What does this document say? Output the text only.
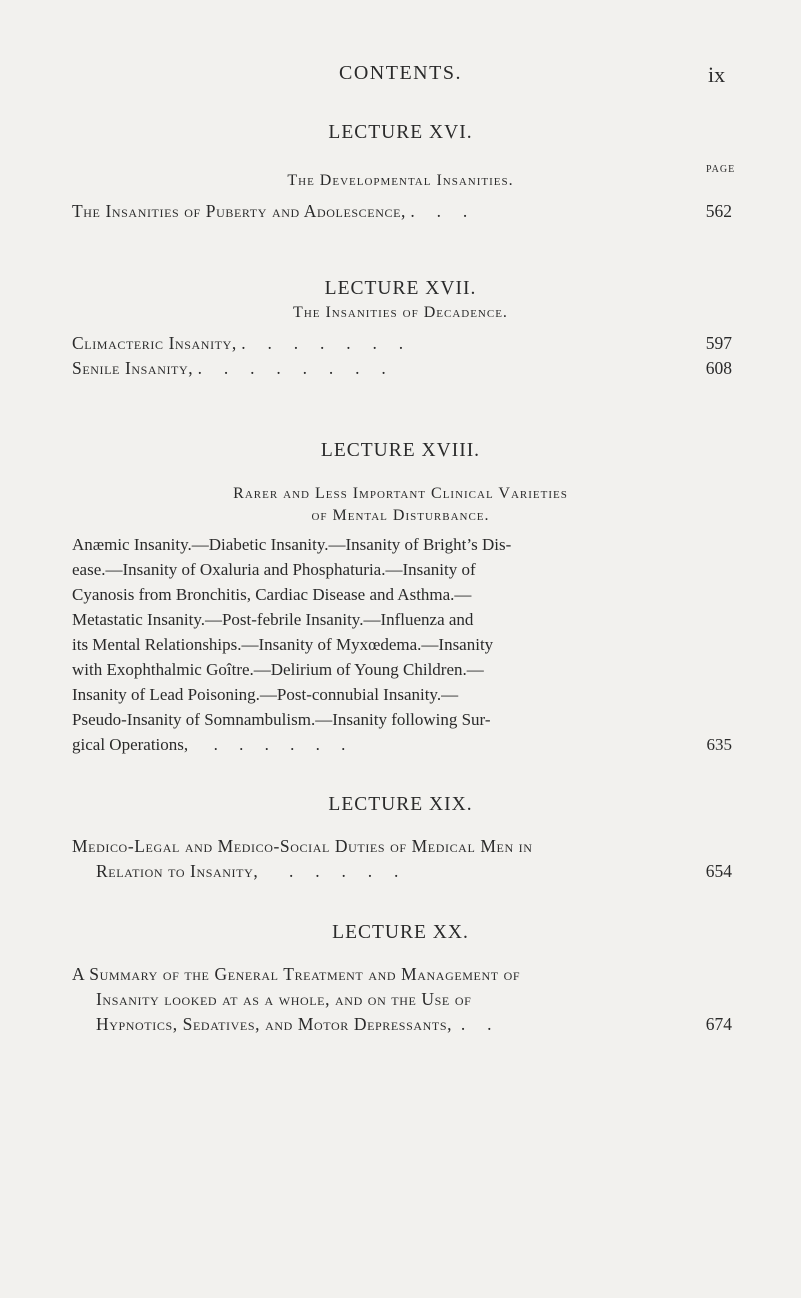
CONTENTS.	ix
LECTURE XVI.
PAGE
The Developmental Insanities.
The Insanities of Puberty and Adolescence, .     .     .	562
LECTURE XVII.
The Insanities of Decadence.
Climacteric Insanity, .     .     .     .     .     .     .	597
Senile Insanity, .     .     .     .     .     .     .     .	608
LECTURE XVIII.
Rarer and Less Important Clinical Varieties
of Mental Disturbance.
Anæmic Insanity.—Diabetic Insanity.—Insanity of Bright’s Dis-
ease.—Insanity of Oxaluria and Phosphaturia.—Insanity of
Cyanosis from Bronchitis, Cardiac Disease and Asthma.—
Metastatic Insanity.—Post-febrile Insanity.—Influenza and
its Mental Relationships.—Insanity of Myxœdema.—Insanity
with Exophthalmic Goître.—Delirium of Young Children.—
Insanity of Lead Poisoning.—Post-connubial Insanity.—
Pseudo-Insanity of Somnambulism.—Insanity following Sur-
gical Operations, .     .     .     .     .     .	635
LECTURE XIX.
Medico-Legal and Medico-Social Duties of Medical Men in
Relation to Insanity, .     .     .     .     .	654
LECTURE XX.
A Summary of the General Treatment and Management of
Insanity looked at as a whole, and on the Use of
Hypnotics, Sedatives, and Motor Depressants, .     .	674
